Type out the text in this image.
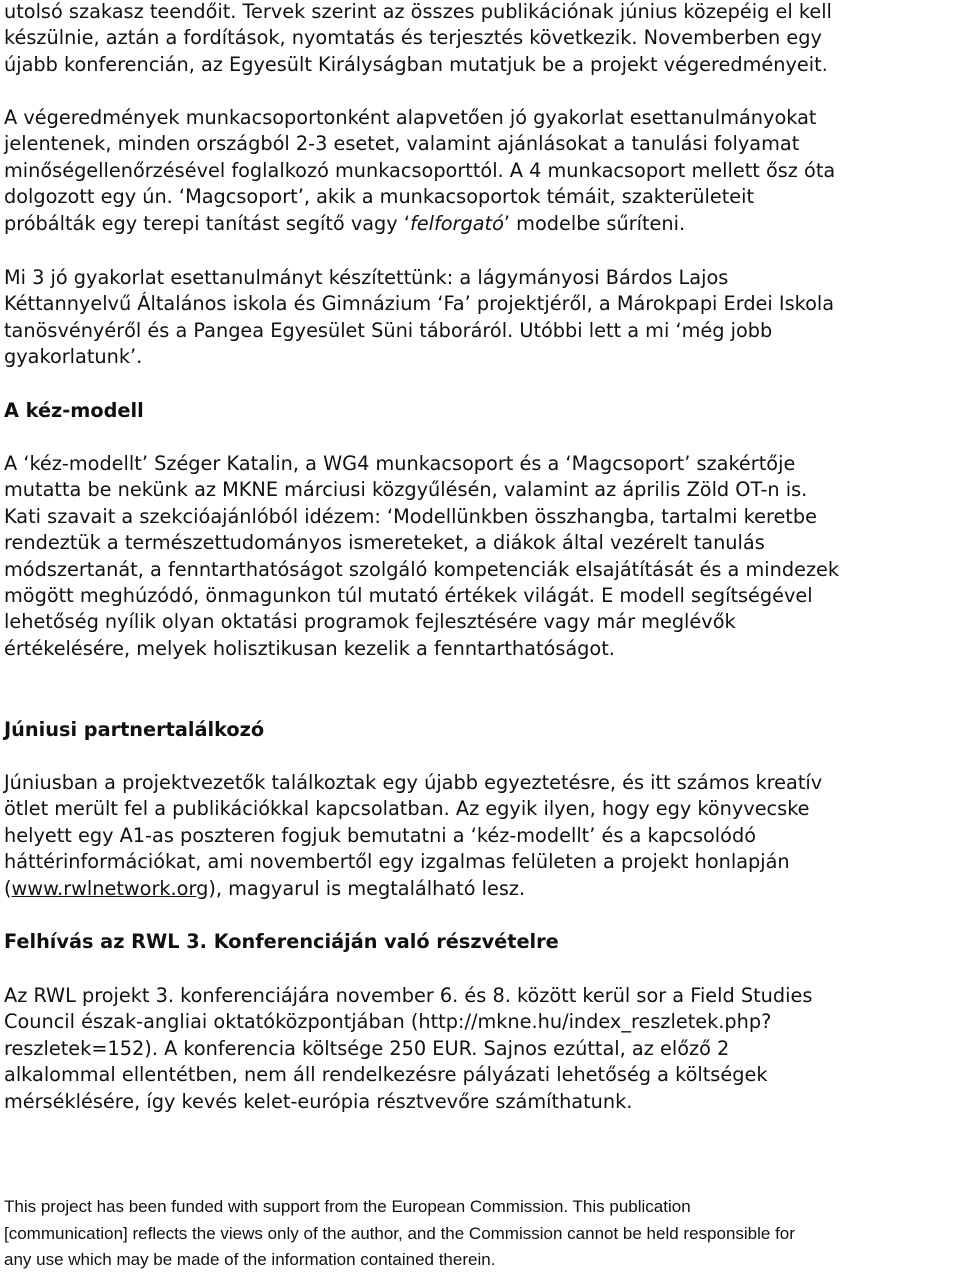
utolsó szakasz teendőit. Tervek szerint az összes publikációnak június közepéig el kell
készülnie, aztán a fordítások, nyomtatás és terjesztés következik. Novemberben egy
újabb konferencián, az Egyesült Királyságban mutatjuk be a projekt végeredményeit.

A végeredmények munkacsoportonként alapvetően jó gyakorlat esettanulmányokat
jelentenek, minden országból 2-3 esetet, valamint ajánlásokat a tanulási folyamat
minőségellenőrzésével foglalkozó munkacsoporttól. A 4 munkacsoport mellett ősz óta
dolgozott egy ún. ‘Magcsoport’, akik a munkacsoportok témáit, szakterületeit
próbálták egy terepi tanítást segítő vagy ‘felforgató’ modelbe sűríteni.

Mi 3 jó gyakorlat esettanulmányt készítettünk: a lágymányosi Bárdos Lajos
Kéttannyelvű Általános iskola és Gimnázium ‘Fa’ projektjéről, a Márokpapi Erdei Iskola
tanösvényéről és a Pangea Egyesület Süni táboráról. Utóbbi lett a mi ‘még jobb
gyakorlatunk’.

A kéz-modell

A ‘kéz-modellt’ Széger Katalin, a WG4 munkacsoport és a ‘Magcsoport’ szakértője
mutatta be nekünk az MKNE márciusi közgyűlésén, valamint az április Zöld OT-n is.
Kati szavait a szekcióajánlóból idézem: ‘Modellünkben összhangba, tartalmi keretbe
rendeztük a természettudományos ismereteket, a diákok által vezérelt tanulás
módszertanát, a fenntarthatóságot szolgáló kompetenciák elsajátítását és a mindezek
mögött meghúzódó, önmagunkon túl mutató értékek világát. E modell segítségével
lehetőség nyílik olyan oktatási programok fejlesztésére vagy már meglévők
értékelésére, melyek holisztikusan kezelik a fenntarthatóságot.

Júniusi partnertalálkozó

Júniusban a projektvezetők találkoztak egy újabb egyeztetésre, és itt számos kreatív
ötlet merült fel a publikációkkal kapcsolatban. Az egyik ilyen, hogy egy könyvecske
helyett egy A1-as poszteren fogjuk bemutatni a ‘kéz-modellt’ és a kapcsolódó
háttérinformációkat, ami novembertől egy izgalmas felületen a projekt honlapján
(www.rwlnetwork.org), magyarul is megtalálható lesz.

Felhívás az RWL 3. Konferenciáján való részvételre

Az RWL projekt 3. konferenciájára november 6. és 8. között kerül sor a Field Studies
Council észak-angliai oktatóközpontjában (http://mkne.hu/index_reszletek.php?
reszletek=152). A konferencia költsége 250 EUR. Sajnos ezúttal, az előző 2
alkalommal ellentétben, nem áll rendelkezésre pályázati lehetőség a költségek
mérséklésére, így kevés kelet-európia résztvevőre számíthatunk.

This project has been funded with support from the European Commission. This publication
[communication] reflects the views only of the author, and the Commission cannot be held responsible for
any use which may be made of the information contained therein.
